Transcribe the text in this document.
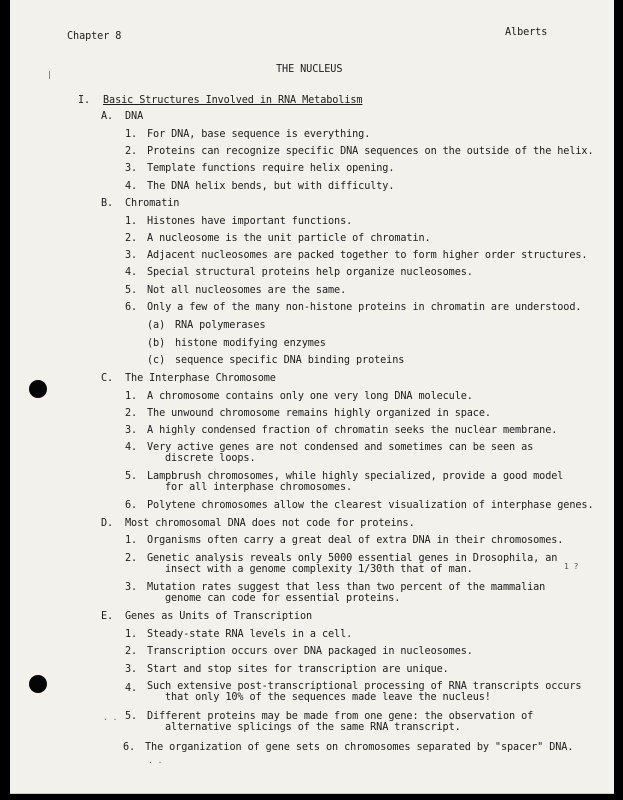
|
Chapter 8	Alberts
THE NUCLEUS
I. Basic Structures Involved in RNA Metabolism
A. DNA
1. For DNA, base sequence is everything.
2. Proteins can recognize specific DNA sequences on the outside of the helix.
3. Template functions require helix opening.
4. The DNA helix bends, but with difficulty.
B. Chromatin
1. Histones have important functions.
2. A nucleosome is the unit particle of chromatin.
3. Adjacent nucleosomes are packed together to form higher order structures.
4. Special structural proteins help organize nucleosomes.
5. Not all nucleosomes are the same.
6. Only a few of the many non-histone proteins in chromatin are understood.
(a) RNA polymerases
(b) histone modifying enzymes
(c) sequence specific DNA binding proteins
C. The Interphase Chromosome
1. A chromosome contains only one very long DNA molecule.
2. The unwound chromosome remains highly organized in space.
3. A highly condensed fraction of chromatin seeks the nuclear membrane.
4. Very active genes are not condensed and sometimes can be seen as
discrete loops.
5. Lampbrush chromosomes, while highly specialized, provide a good model
for all interphase chromosomes.
6. Polytene chromosomes allow the clearest visualization of interphase genes.
D. Most chromosomal DNA does not code for proteins.
1. Organisms often carry a great deal of extra DNA in their chromosomes.
2. Genetic analysis reveals only 5000 essential genes in Drosophila, an
insect with a genome complexity 1/30th that of man.	1 ?
3. Mutation rates suggest that less than two percent of the mammalian
genome can code for essential proteins.
E. Genes as Units of Transcription
1. Steady-state RNA levels in a cell.
2. Transcription occurs over DNA packaged in nucleosomes.
3. Start and stop sites for transcription are unique.
4. Such extensive post-transcriptional processing of RNA transcripts occurs
that only 10% of the sequences made leave the nucleus!
. . 5. Different proteins may be made from one gene: the observation of
alternative splicings of the same RNA transcript.
6. The organization of gene sets on chromosomes separated by "spacer" DNA.
. .
